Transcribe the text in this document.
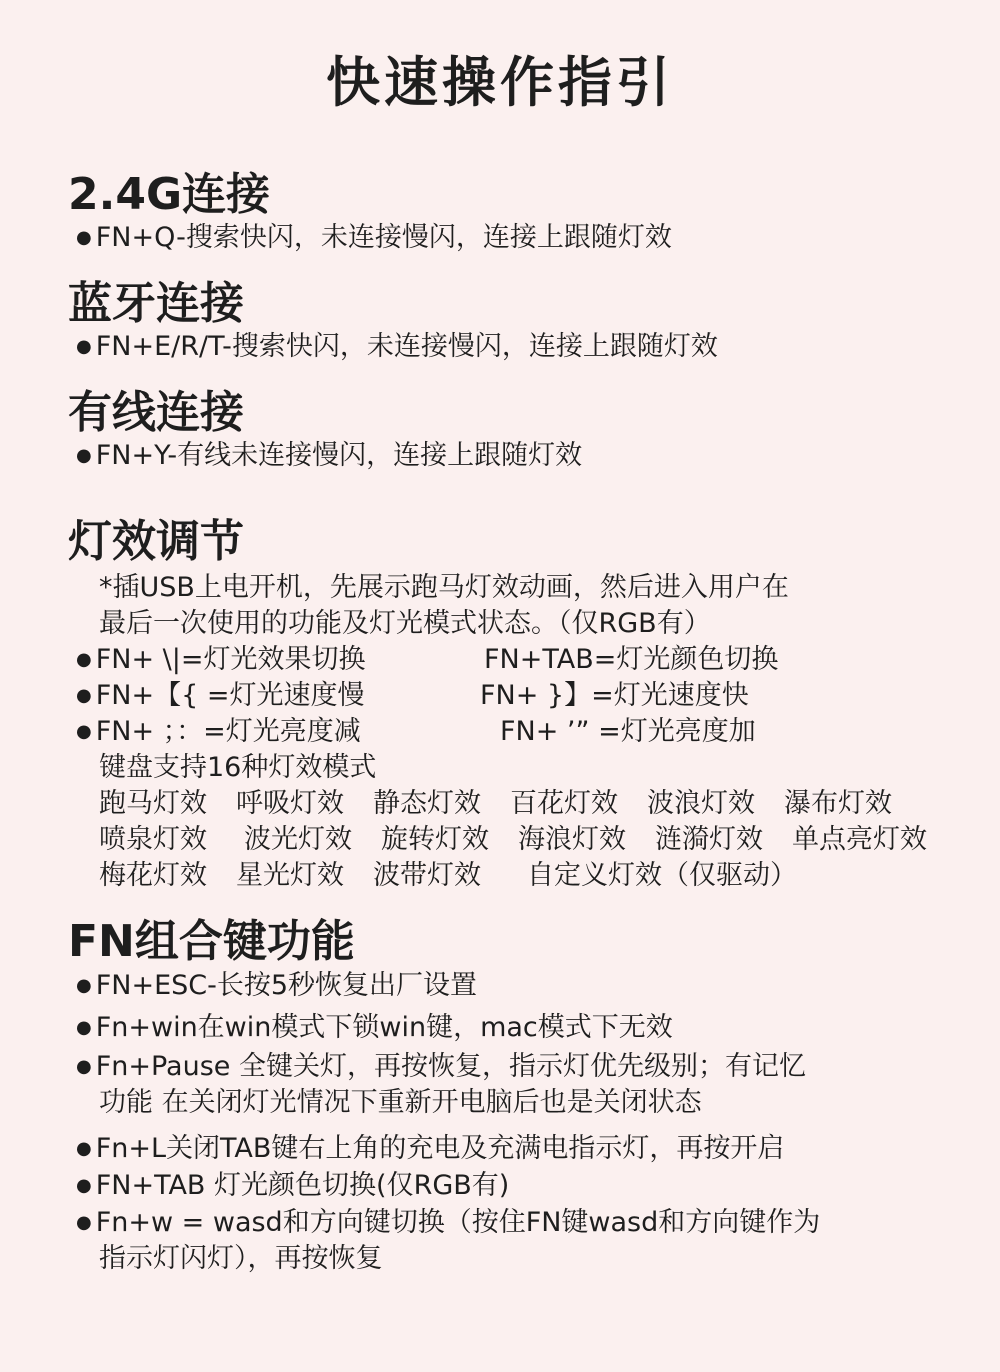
快速操作指引
2.4G连接
● FN+Q-搜索快闪，未连接慢闪，连接上跟随灯效
蓝牙连接
● FN+E/R/T-搜索快闪，未连接慢闪，连接上跟随灯效
有线连接
● FN+Y-有线未连接慢闪，连接上跟随灯效
灯效调节
*插USB上电开机，先展示跑马灯效动画，然后进入用户在
最后一次使用的功能及灯光模式状态。（仅RGB有）
● FN+ \|=灯光效果切换	FN+TAB=灯光颜色切换
● FN+【{ =灯光速度慢	FN+ }】=灯光速度快
● FN+ ；：=灯光亮度减	FN+ ’” =灯光亮度加
键盘支持16种灯效模式
跑马灯效 呼吸灯效 静态灯效 百花灯效 波浪灯效 瀑布灯效
喷泉灯效 波光灯效 旋转灯效 海浪灯效 涟漪灯效 单点亮灯效
梅花灯效 星光灯效 波带灯效 自定义灯效（仅驱动）
FN组合键功能
● FN+ESC-长按5秒恢复出厂设置
● Fn+win在win模式下锁win键，mac模式下无效
● Fn+Pause 全键关灯，再按恢复，指示灯优先级别；有记忆
功能 在关闭灯光情况下重新开电脑后也是关闭状态
● Fn+L关闭TAB键右上角的充电及充满电指示灯，再按开启
● FN+TAB 灯光颜色切换(仅RGB有)
● Fn+w = wasd和方向键切换（按住FN键wasd和方向键作为
指示灯闪灯），再按恢复
